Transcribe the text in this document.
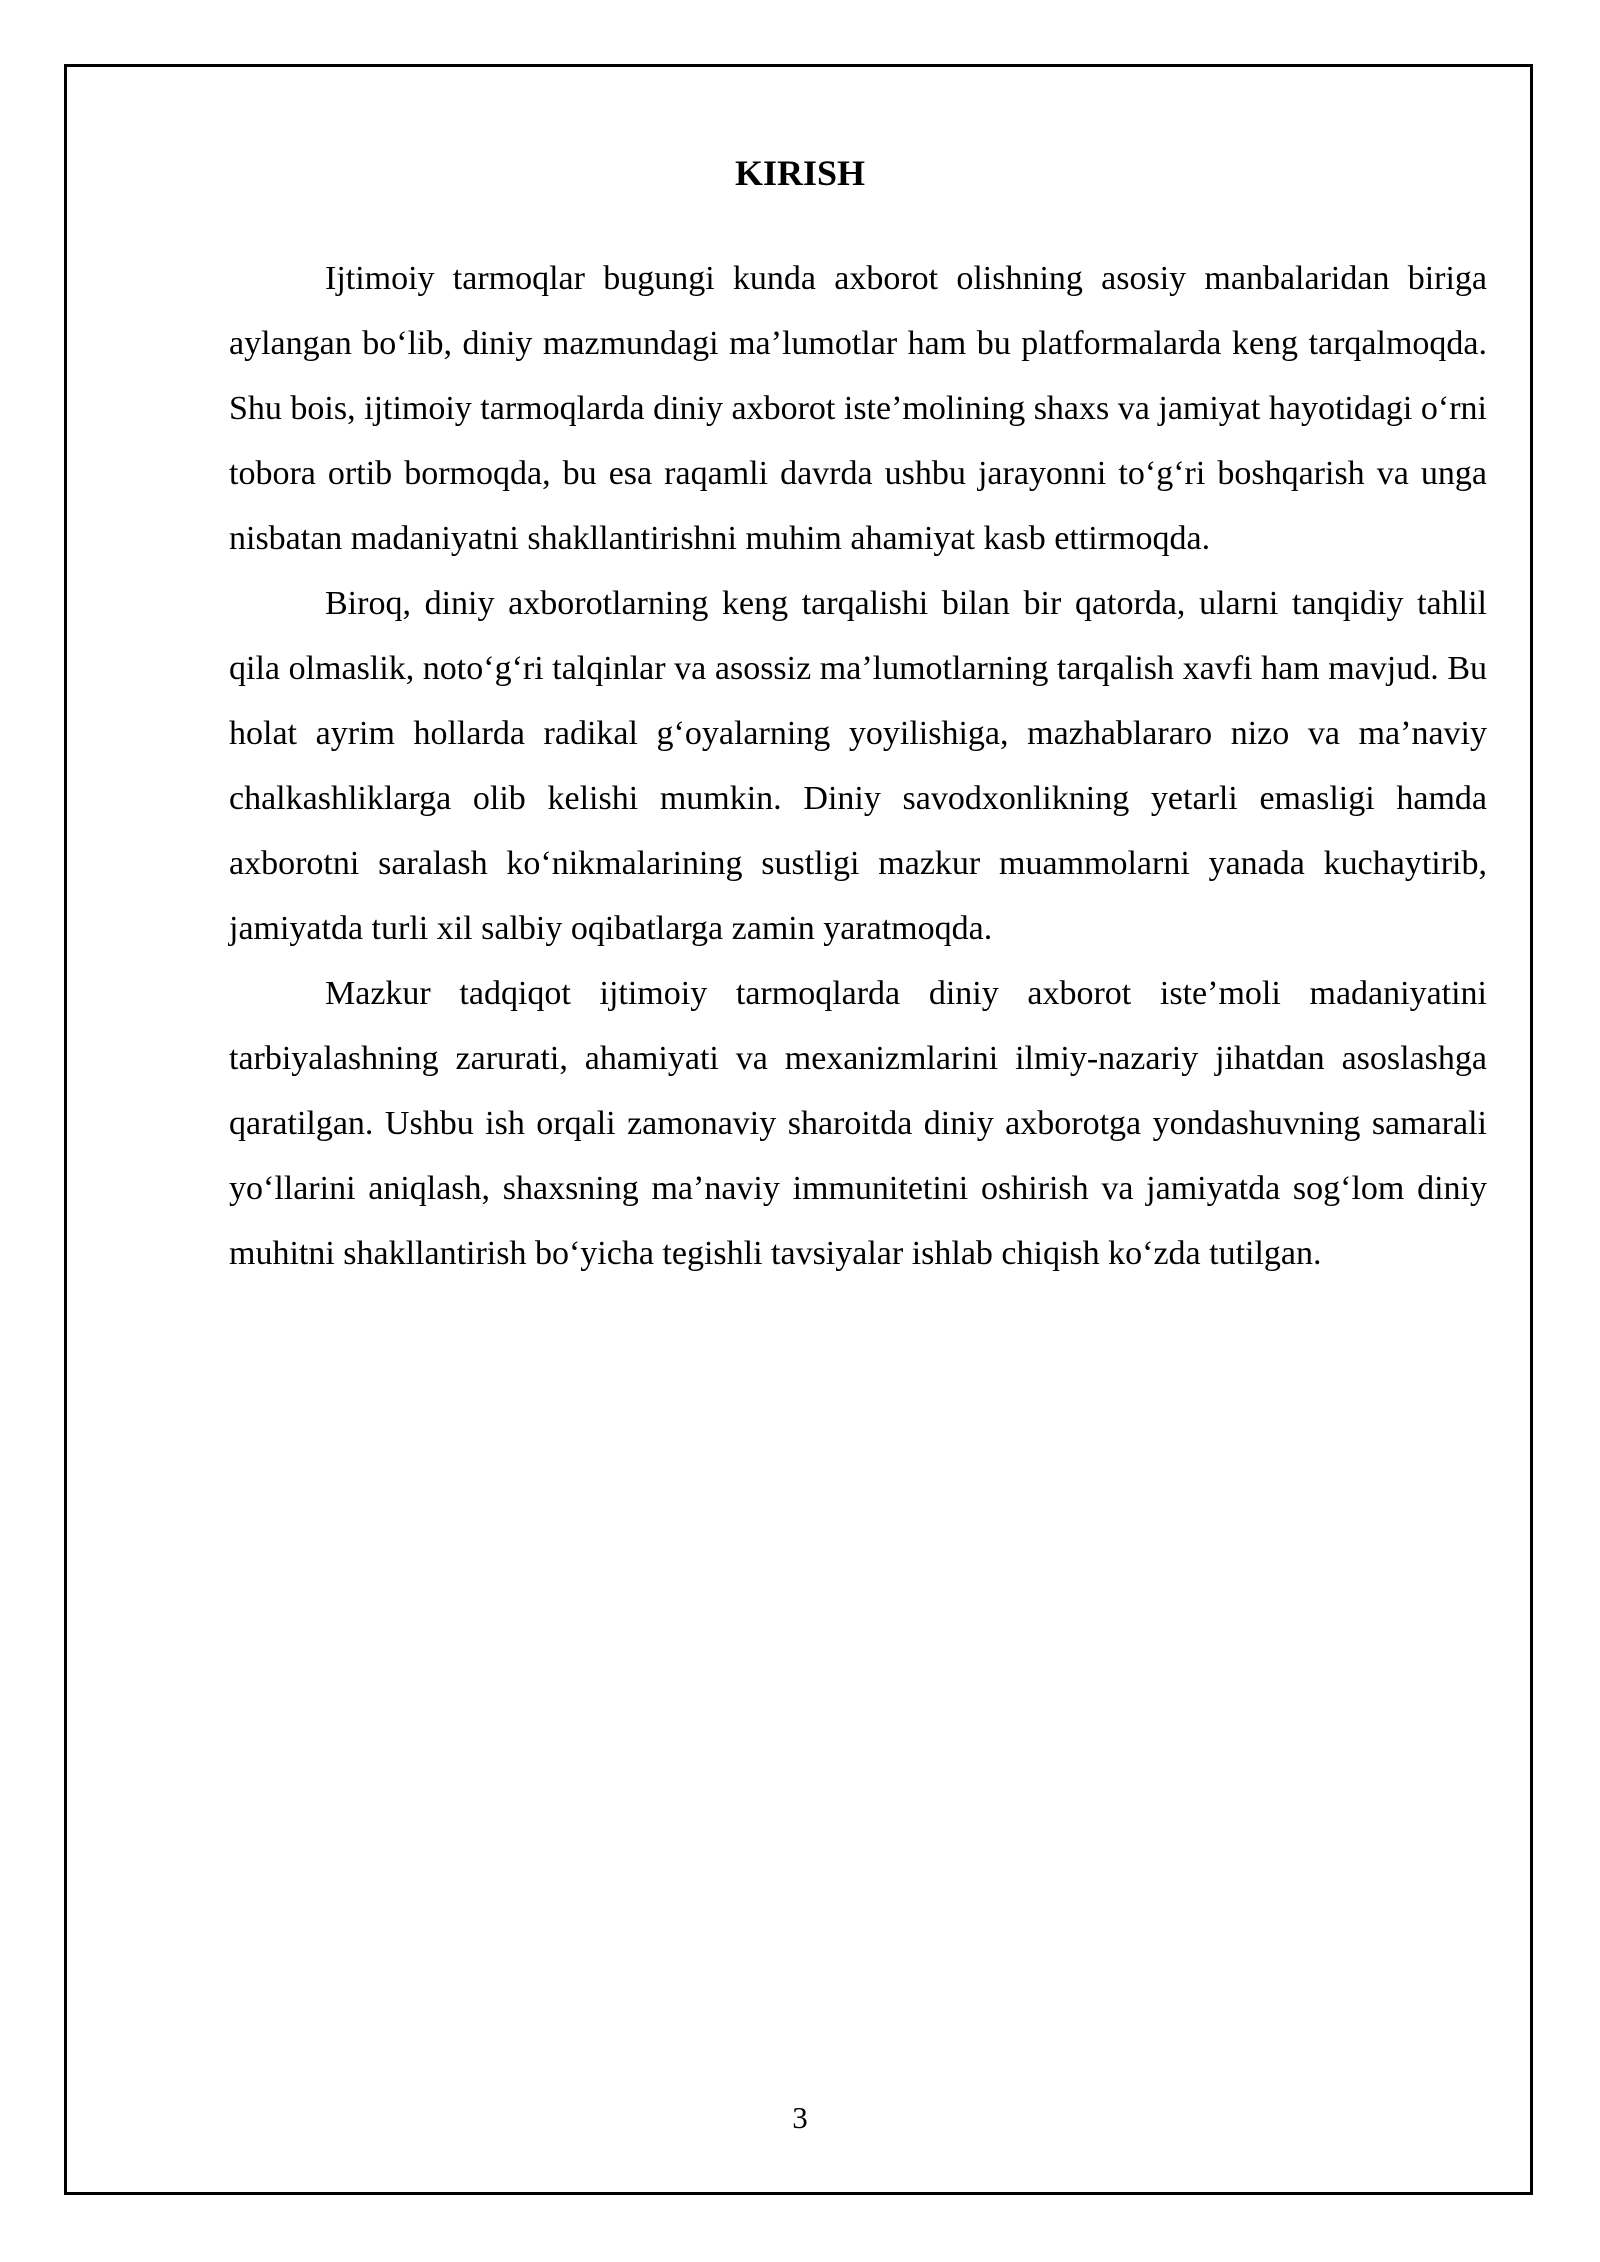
KIRISH

Ijtimoiy tarmoqlar bugungi kunda axborot olishning asosiy manbalaridan biriga aylangan boʻlib, diniy mazmundagi maʼlumotlar ham bu platformalarda keng tarqalmoqda. Shu bois, ijtimoiy tarmoqlarda diniy axborot isteʼmolining shaxs va jamiyat hayotidagi oʻrni tobora ortib bormoqda, bu esa raqamli davrda ushbu jarayonni toʻgʻri boshqarish va unga nisbatan madaniyatni shakllantirishni muhim ahamiyat kasb ettirmoqda.

Biroq, diniy axborotlarning keng tarqalishi bilan bir qatorda, ularni tanqidiy tahlil qila olmaslik, notoʻgʻri talqinlar va asossiz maʼlumotlarning tarqalish xavfi ham mavjud. Bu holat ayrim hollarda radikal gʻoyalarning yoyilishiga, mazhablararo nizo va maʼnaviy chalkashliklarga olib kelishi mumkin. Diniy savodxonlikning yetarli emasligi hamda axborotni saralash koʻnikmalarining sustligi mazkur muammolarni yanada kuchaytirib, jamiyatda turli xil salbiy oqibatlarga zamin yaratmoqda.

Mazkur tadqiqot ijtimoiy tarmoqlarda diniy axborot isteʼmoli madaniyatini tarbiyalashning zarurati, ahamiyati va mexanizmlarini ilmiy-nazariy jihatdan asoslashga qaratilgan. Ushbu ish orqali zamonaviy sharoitda diniy axborotga yondashuvning samarali yoʻllarini aniqlash, shaxsning maʼnaviy immunitetini oshirish va jamiyatda sogʻlom diniy muhitni shakllantirish boʻyicha tegishli tavsiyalar ishlab chiqish koʻzda tutilgan.

3
